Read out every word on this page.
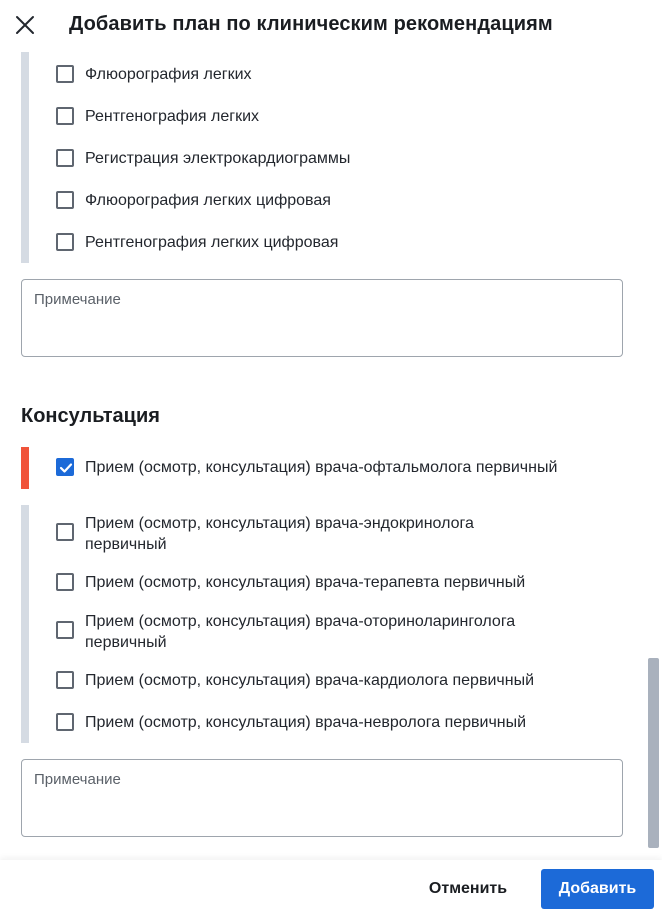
Добавить план по клиническим рекомендациям
Флюорография легких
Рентгенография легких
Регистрация электрокардиограммы
Флюорография легких цифровая
Рентгенография легких цифровая
Примечание
Консультация
Прием (осмотр, консультация) врача-офтальмолога первичный
Прием (осмотр, консультация) врача-эндокринолога
первичный
Прием (осмотр, консультация) врача-терапевта первичный
Прием (осмотр, консультация) врача-оториноларинголога
первичный
Прием (осмотр, консультация) врача-кардиолога первичный
Прием (осмотр, консультация) врача-невролога первичный
Примечание
Отменить	Добавить
